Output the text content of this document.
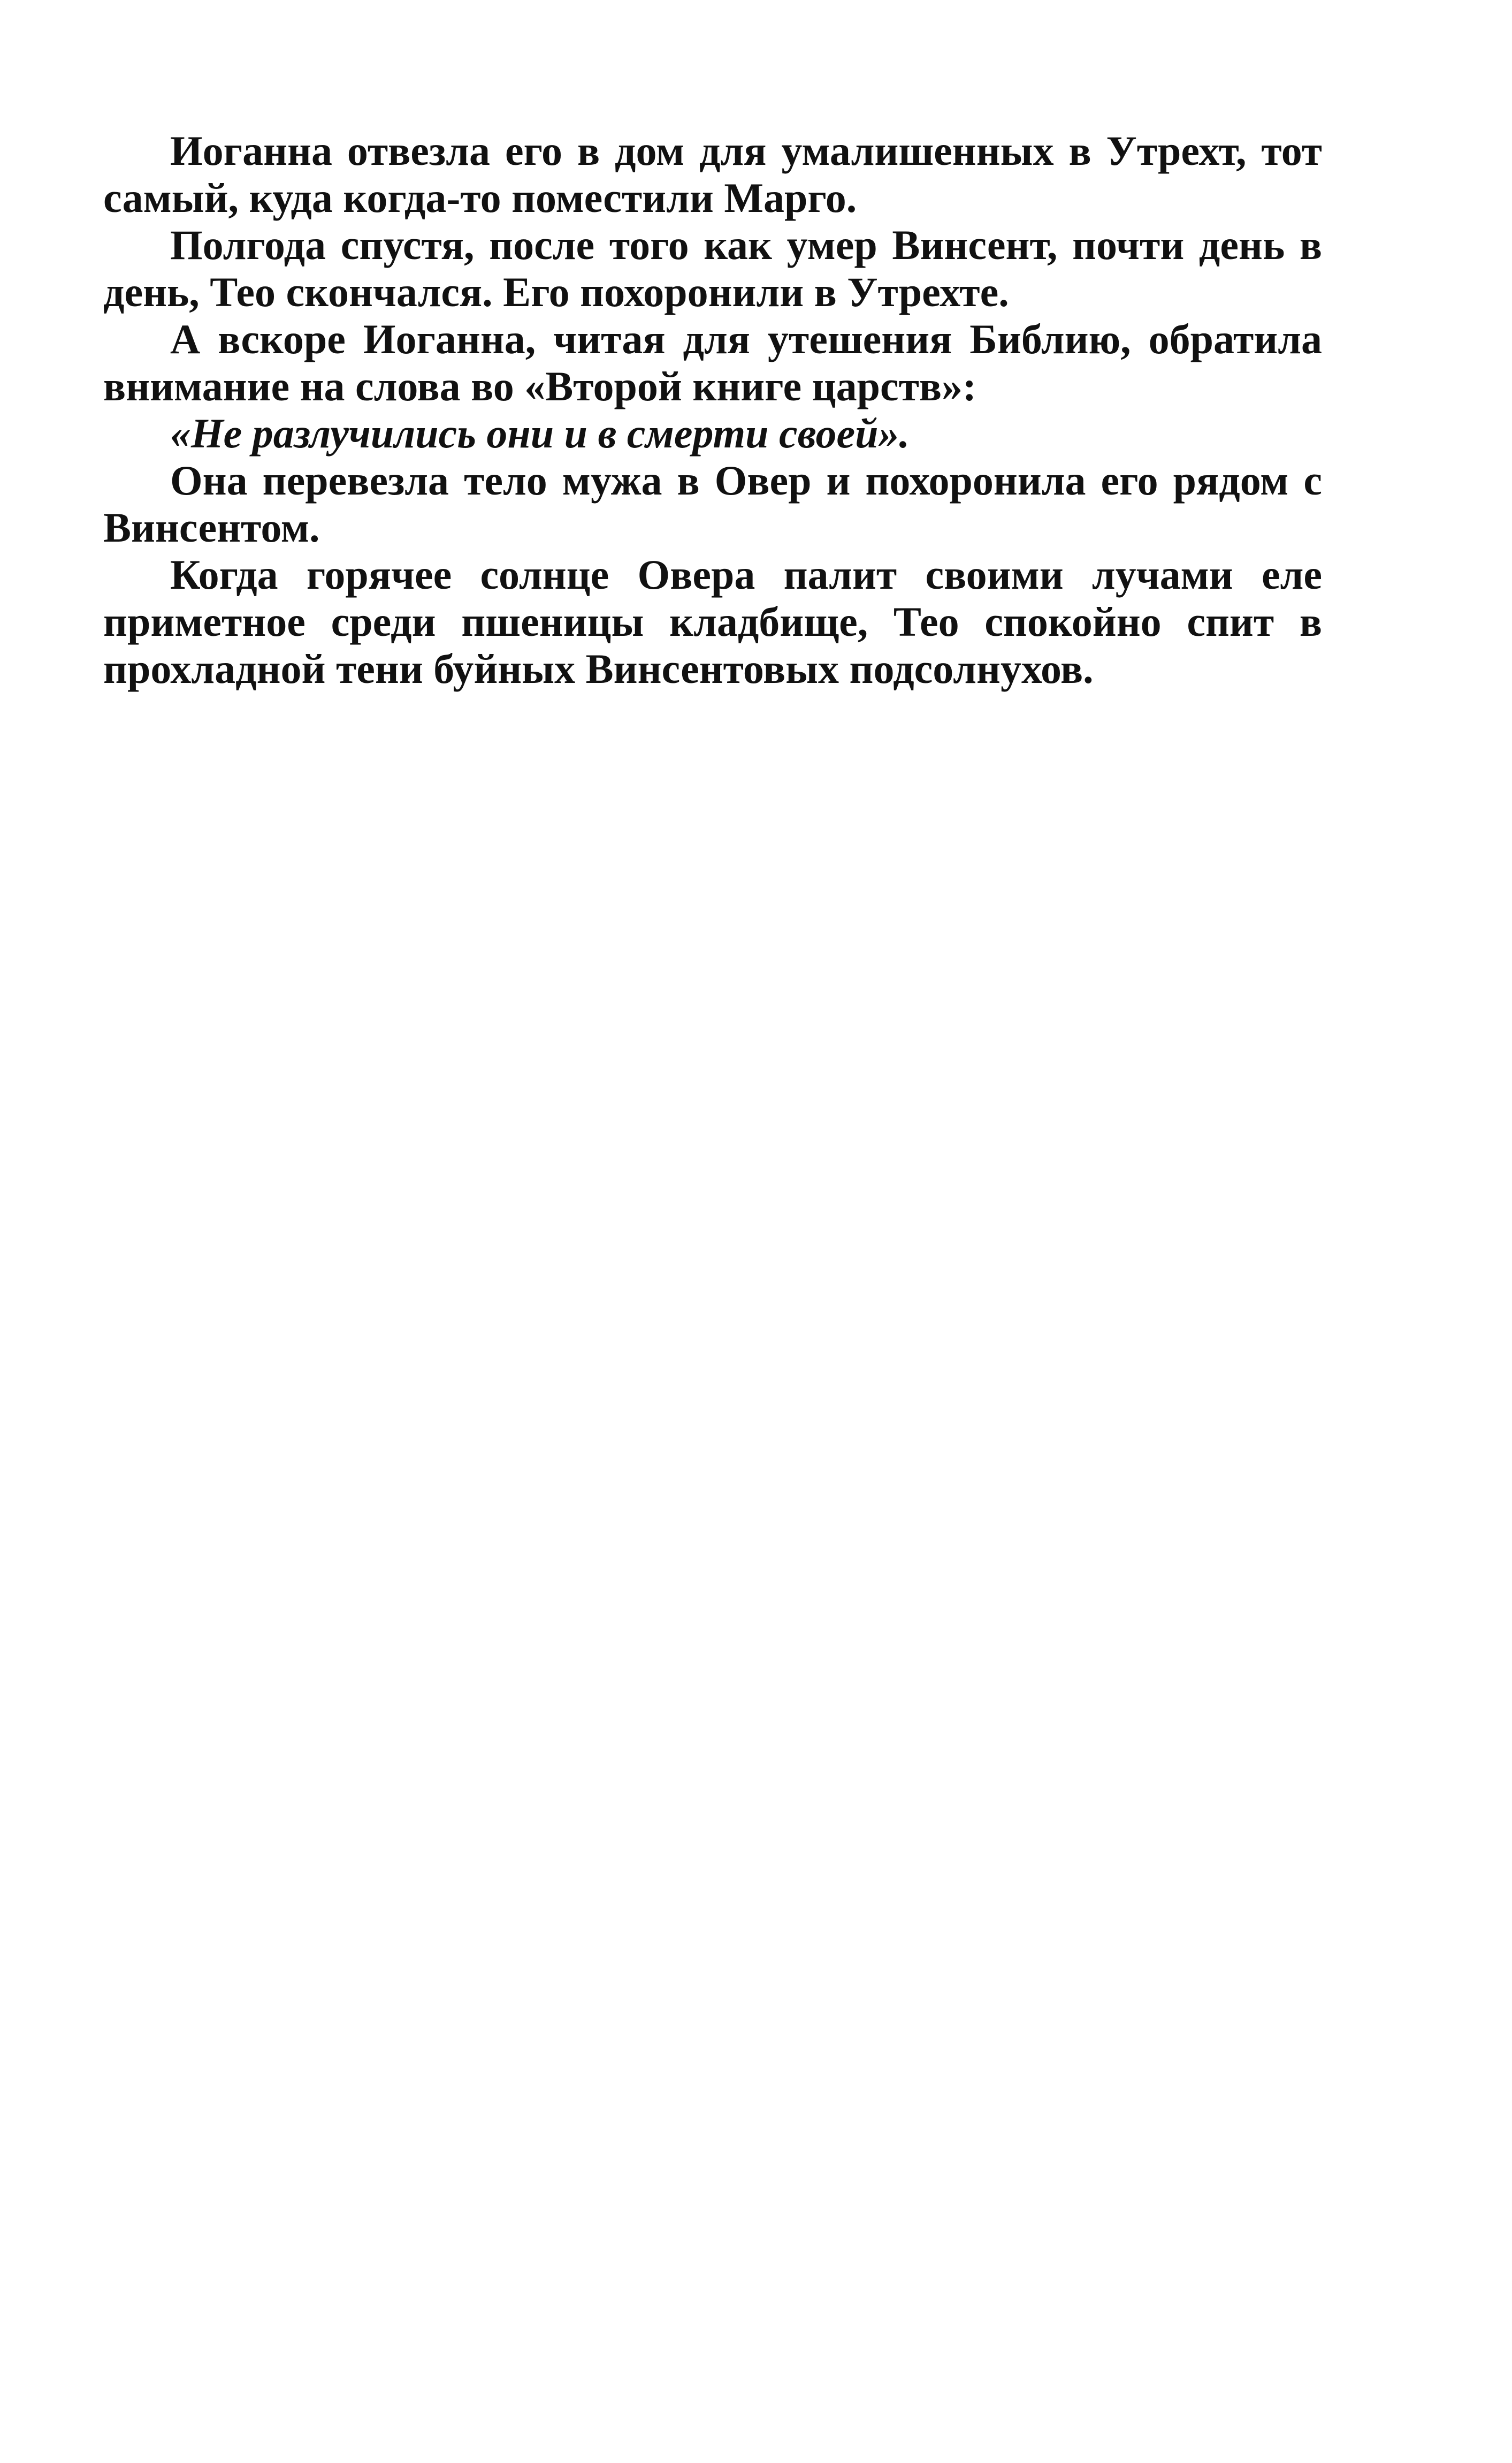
Иоганна отвезла его в дом для умалишенных в Утрехт, тот самый, куда когда-то поместили Марго.

Полгода спустя, после того как умер Винсент, почти день в день, Тео скончался. Его похоронили в Утрехте.

А вскоре Иоганна, читая для утешения Библию, обратила внимание на слова во «Второй книге царств»:

«Не разлучились они и в смерти своей».

Она перевезла тело мужа в Овер и похоронила его рядом с Винсентом.

Когда горячее солнце Овера палит своими лучами еле приметное среди пшеницы кладбище, Тео спокойно спит в прохладной тени буйных Винсентовых подсолнухов.
